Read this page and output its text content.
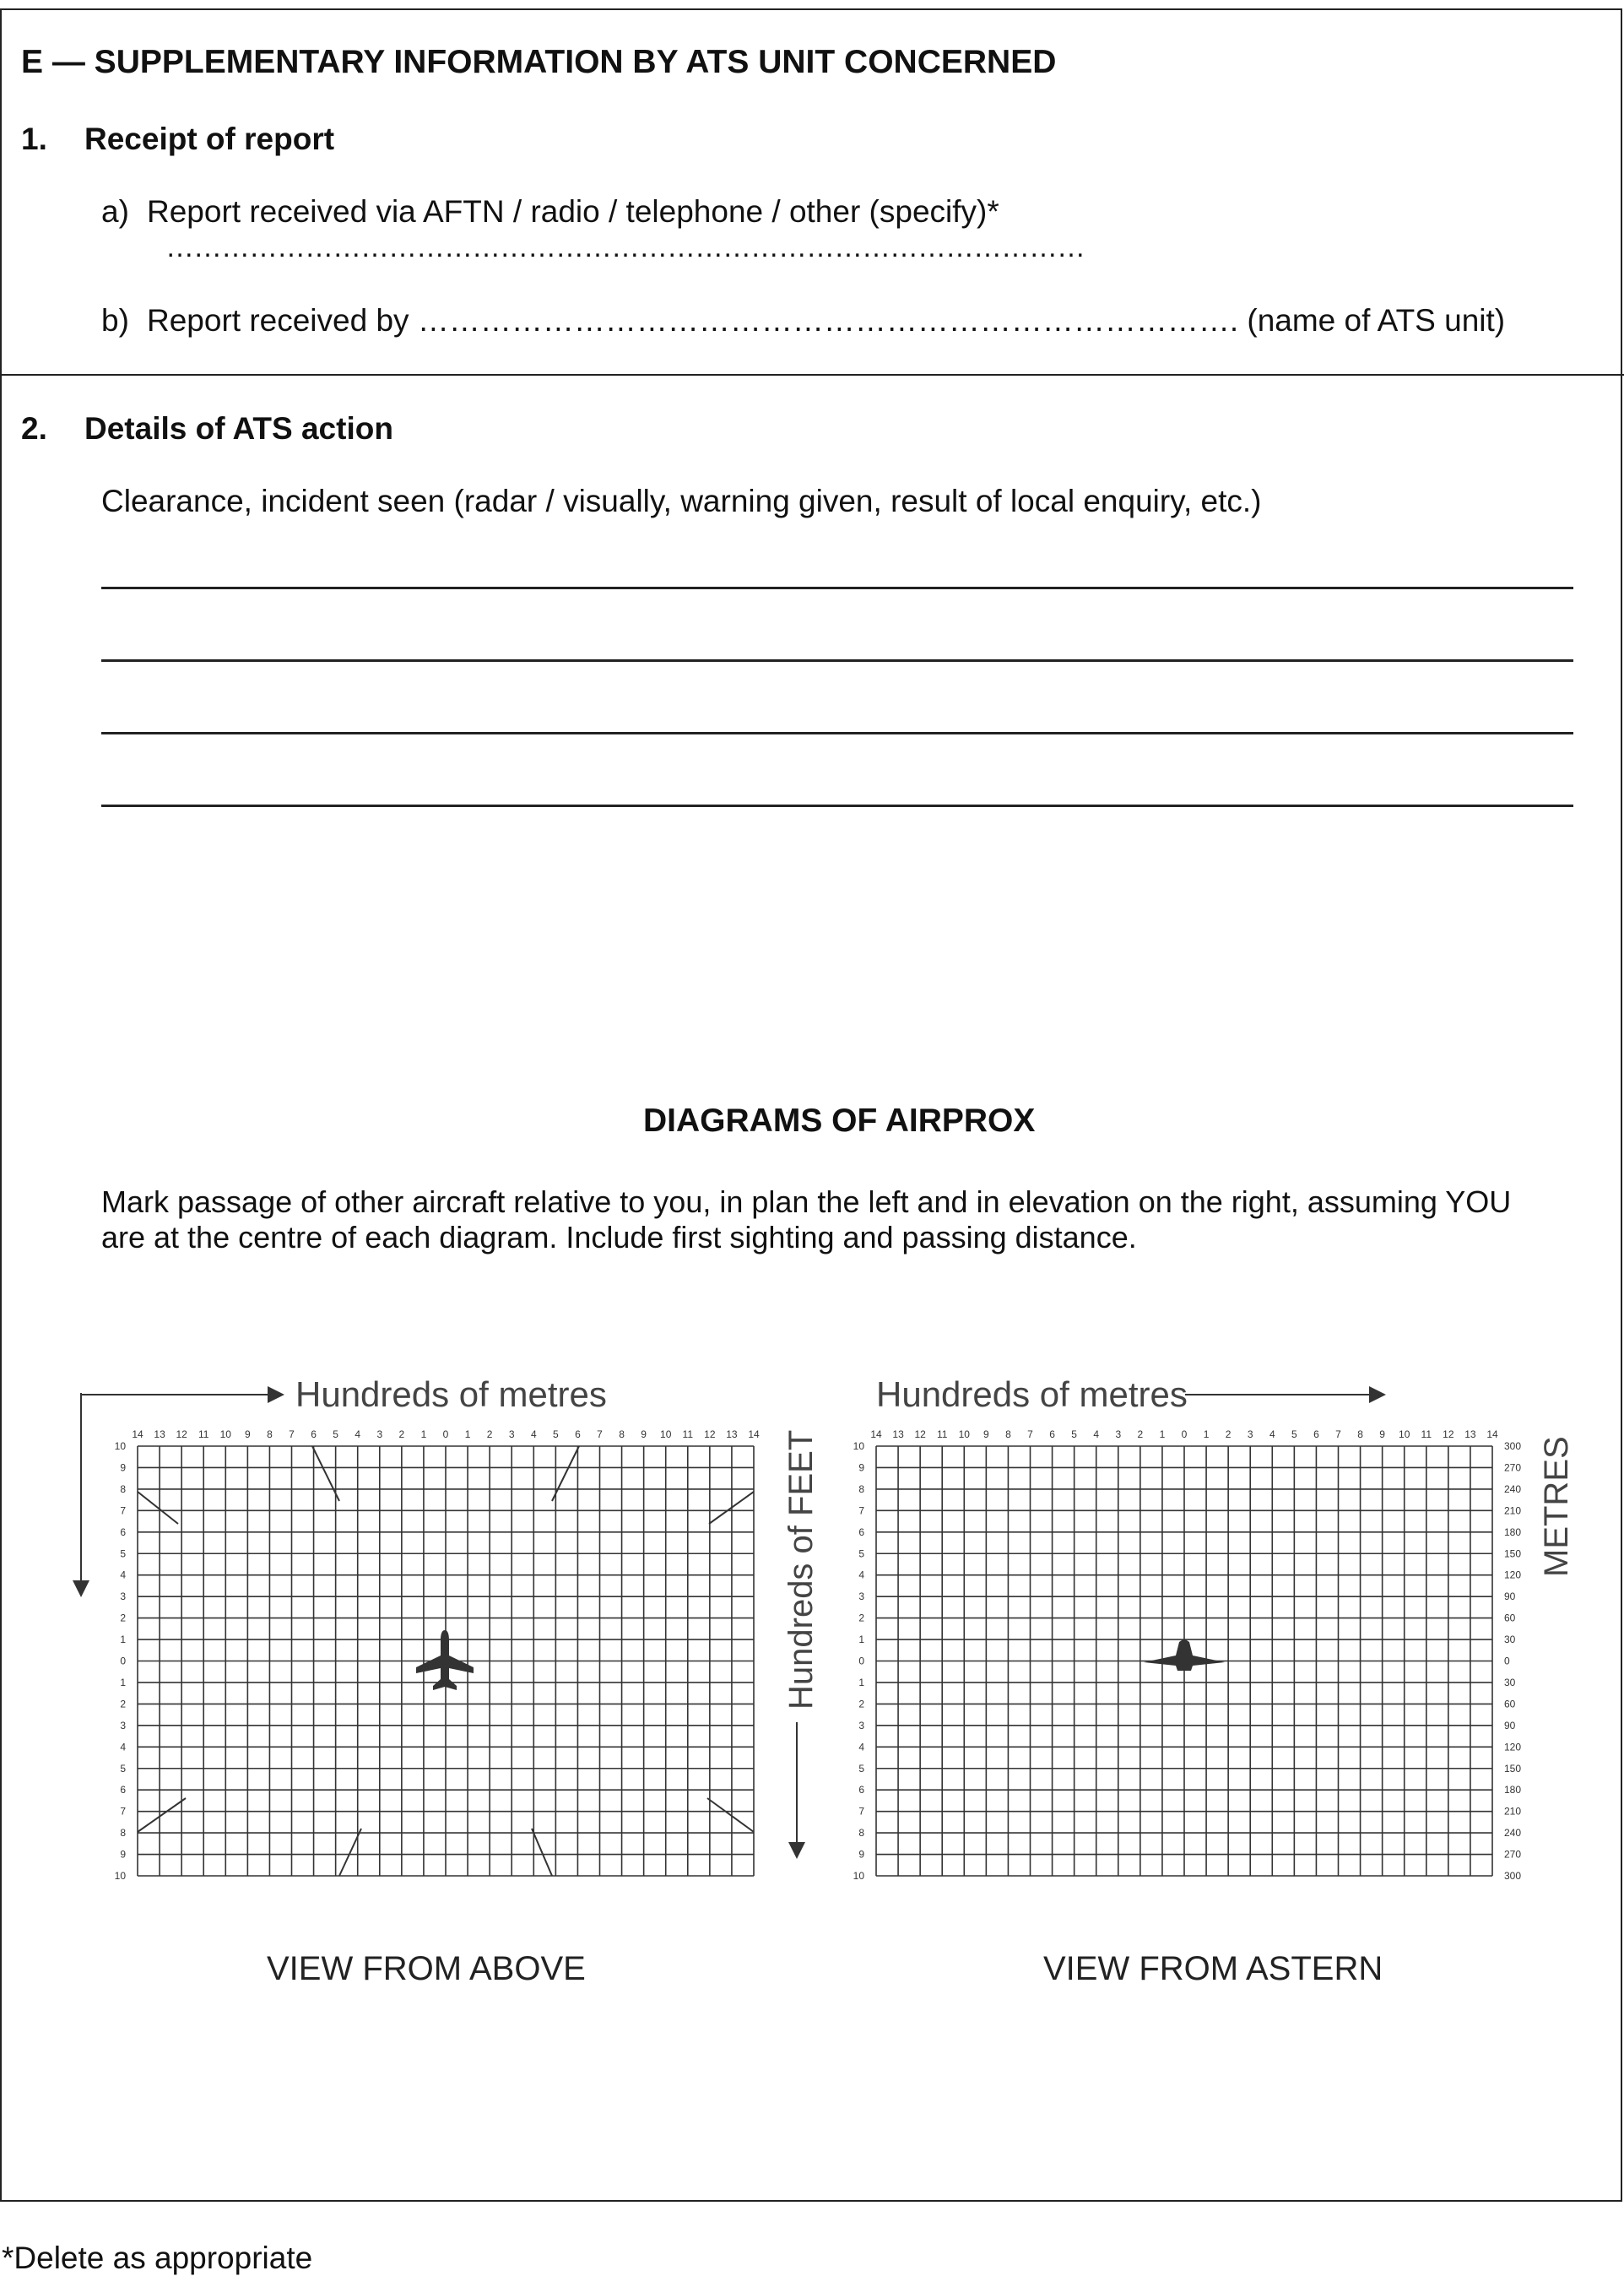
E — SUPPLEMENTARY INFORMATION BY ATS UNIT CONCERNED
1. Receipt of report
a) Report received via AFTN / radio / telephone / other (specify)*
………………………………………………………………………………………
b) Report received by ……………………………………………………………………. (name of ATS unit)
2. Details of ATS action
Clearance, incident seen (radar / visually, warning given, result of local enquiry, etc.)
DIAGRAMS OF AIRPROX
Mark passage of other aircraft relative to you, in plan the left and in elevation on the right, assuming YOU
are at the centre of each diagram. Include first sighting and passing distance.
Hundreds of metres
Hundreds of FEET
Hundreds of metres
METRES
14 13 12 11 10 9 8 7 6 5 4 3 2 1 0 1 2 3 4 5 6 7 8 9 10 11 12 13 14
10
9
8
7
6
5
4
3
2
1
0
1
2
3
4
5
6
7
8
9
10
14 13 12 11 10 9 8 7 6 5 4 3 2 1 0 1 2 3 4 5 6 7 8 9 10 11 12 13 14
10
9
8
7
6
5
4
3
2
1
0
1
2
3
4
5
6
7
8
9
10
300
270
240
210
180
150
120
90
60
30
0
30
60
90
120
150
180
210
240
270
300
VIEW FROM ABOVE	VIEW FROM ASTERN
*Delete as appropriate
